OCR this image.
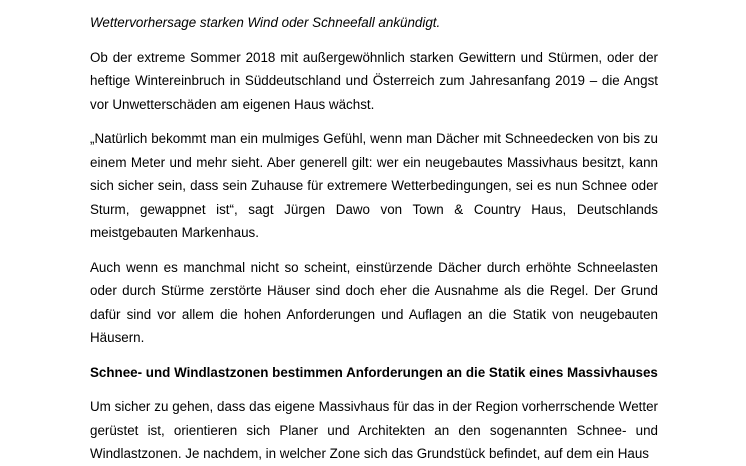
Wettervorhersage starken Wind oder Schneefall ankündigt.

Ob der extreme Sommer 2018 mit außergewöhnlich starken Gewittern und Stürmen, oder der heftige Wintereinbruch in Süddeutschland und Österreich zum Jahresanfang 2019 – die Angst vor Unwetterschäden am eigenen Haus wächst.

„Natürlich bekommt man ein mulmiges Gefühl, wenn man Dächer mit Schneedecken von bis zu einem Meter und mehr sieht. Aber generell gilt: wer ein neugebautes Massivhaus besitzt, kann sich sicher sein, dass sein Zuhause für extremere Wetterbedingungen, sei es nun Schnee oder Sturm, gewappnet ist“, sagt Jürgen Dawo von Town & Country Haus, Deutschlands meistgebauten Markenhaus.

Auch wenn es manchmal nicht so scheint, einstürzende Dächer durch erhöhte Schneelasten oder durch Stürme zerstörte Häuser sind doch eher die Ausnahme als die Regel. Der Grund dafür sind vor allem die hohen Anforderungen und Auflagen an die Statik von neugebauten Häusern.

Schnee- und Windlastzonen bestimmen Anforderungen an die Statik eines Massivhauses

Um sicher zu gehen, dass das eigene Massivhaus für das in der Region vorherrschende Wetter gerüstet ist, orientieren sich Planer und Architekten an den sogenannten Schnee- und Windlastzonen. Je nachdem, in welcher Zone sich das Grundstück befindet, auf dem ein Haus
